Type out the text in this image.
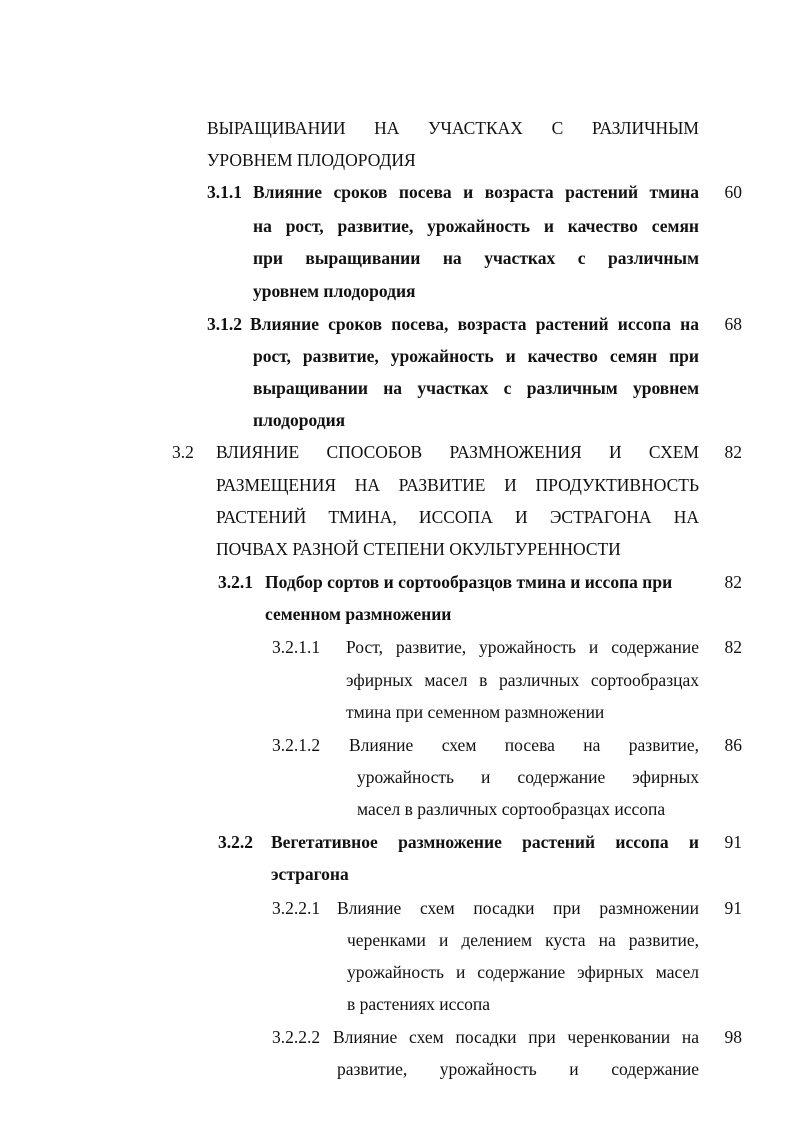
ВЫРАЩИВАНИИ НА УЧАСТКАХ С РАЗЛИЧНЫМ
УРОВНЕМ ПЛОДОРОДИЯ
3.1.1 Влияние сроков посева и возраста растений тмина
на рост, развитие, урожайность и качество семян
при выращивании на участках с различным
уровнем плодородия
60
3.1.2 Влияние сроков посева, возраста растений иссопа на
рост, развитие, урожайность и качество семян при
выращивании на участках с различным уровнем
плодородия
68
3.2 ВЛИЯНИЕ СПОСОБОВ РАЗМНОЖЕНИЯ И СХЕМ
РАЗМЕЩЕНИЯ НА РАЗВИТИЕ И ПРОДУКТИВНОСТЬ
РАСТЕНИЙ ТМИНА, ИССОПА И ЭСТРАГОНА НА
ПОЧВАХ РАЗНОЙ СТЕПЕНИ ОКУЛЬТУРЕННОСТИ
82
3.2.1 Подбор сортов и сортообразцов тмина и иссопа при
семенном размножении
82
3.2.1.1 Рост, развитие, урожайность и содержание
эфирных масел в различных сортообразцах
тмина при семенном размножении
82
3.2.1.2 Влияние схем посева на развитие,
урожайность и содержание эфирных
масел в различных сортообразцах иссопа
86
3.2.2 Вегетативное размножение растений иссопа и
эстрагона
91
3.2.2.1 Влияние схем посадки при размножении
черенками и делением куста на развитие,
урожайность и содержание эфирных масел
в растениях иссопа
91
3.2.2.2 Влияние схем посадки при черенковании на
развитие, урожайность и содержание
98
